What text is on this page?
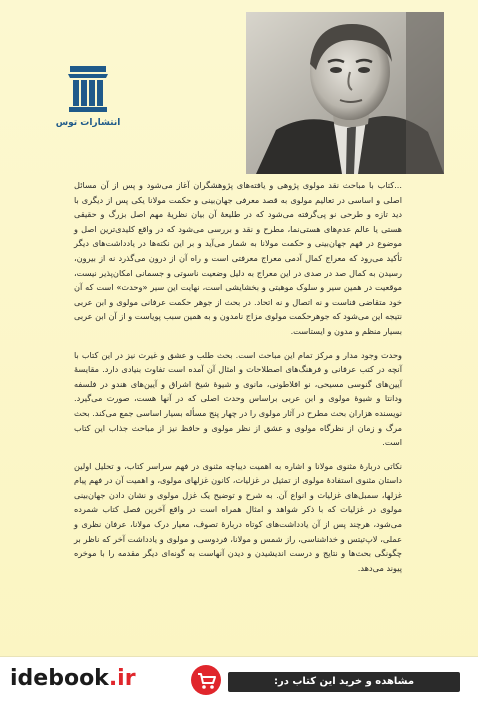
انتشارات توس

...کتاب با مباحث نقد مولوی پژوهی و یافته‌های پژوهشگران آغاز می‌شود و پس از آن مسائل اصلی و اساسی در تعالیم مولوی به قصد معرفی جهان‌بینی و حکمت مولانا یکی پس از دیگری با دید تازه و طرحی نو پی‌گرفته می‌شود که در طلیعهٔ آن بیان نظریهٔ مهم اصل بزرگ و حقیقی هستی یا عالم عدم‌های هستی‌نما، مطرح و نقد و بررسی می‌شود که در واقع کلیدی‌ترین اصل و موضوع در فهم جهان‌بینی و حکمت مولانا به شمار می‌آید و بر این نکته‌ها در یادداشت‌های دیگر تأکید می‌رود که معراج کمال آدمی معراج معرفتی است و راه آن از درون می‌گذرد نه از بیرون، رسیدن به کمال صد در صدی در این معراج به دلیل وضعیت ناسوتی و جسمانی امکان‌پذیر نیست، موقعیت در همین سیر و سلوک موهبتی و بخشایشی است، نهایت این سیر «وحدت» است که آن خود متقاضی فناست و نه اتصال و نه اتحاد. در بحث از جوهر حکمت عرفانی مولوی و ابن عربی نتیجه این می‌شود که جوهرحکمت مولوی مزاج نامدون و به همین سبب پویاست و از آن ابن عربی بسیار منظم و مدون و ایستاست.

وحدت وجود مدار و مرکز تمام این مباحث است. بحث طلب و عشق و غیرت نیز در این کتاب با آنچه در کتب عرفانی و فرهنگ‌های اصطلاحات و امثال آن آمده است تفاوت بنیادی دارد. مقایسهٔ آیین‌های گنوسی مسیحی، نو افلاطونی، مانوی و شیوهٔ شیخ اشراق و آیین‌های هندو در فلسفه ودانتا و شیوهٔ مولوی و ابن عربی براساس وحدت اصلی که در آنها هست، صورت می‌گیرد. نویسنده هزاران بحث مطرح در آثار مولوی را در چهار پنج مسأله بسیار اساسی جمع می‌کند. بحث مرگ و زمان از نظرگاه مولوی و عشق از نظر مولوی و حافظ نیز از مباحث جذاب این کتاب است.

نکاتی دربارهٔ مثنوی مولانا و اشاره به اهمیت دیباچه مثنوی در فهم سراسر کتاب، و تحلیل اولین داستان مثنوی استفادهٔ مولوی از تمثیل در غزلیات، کانون غزلهای مولوی، و اهمیت آن در فهم پیام غزلها، سمبل‌های غزلیات و انواع آن. به شرح و توضیح یک غزل مولوی و نشان دادن جهان‌بینی مولوی در غزلیات که با ذکر شواهد و امثال همراه است در واقع آخرین فصل کتاب شمرده می‌شود، هرچند پس از آن یادداشت‌های کوتاه دربارهٔ تصوف، معیار درک مولانا، عرفان نظری و عملی، لاپ‌تیتس و خداشناسی، راز شمس و مولانا، فردوسی و مولوی و یادداشت آخر که ناظر بر چگونگی بحث‌ها و نتایج و درست اندیشیدن و دیدن آنهاست به گونه‌ای دیگر مقدمه را با موخره پیوند می‌دهد.

idebook .ir	مشاهده و خرید این کتاب در:
